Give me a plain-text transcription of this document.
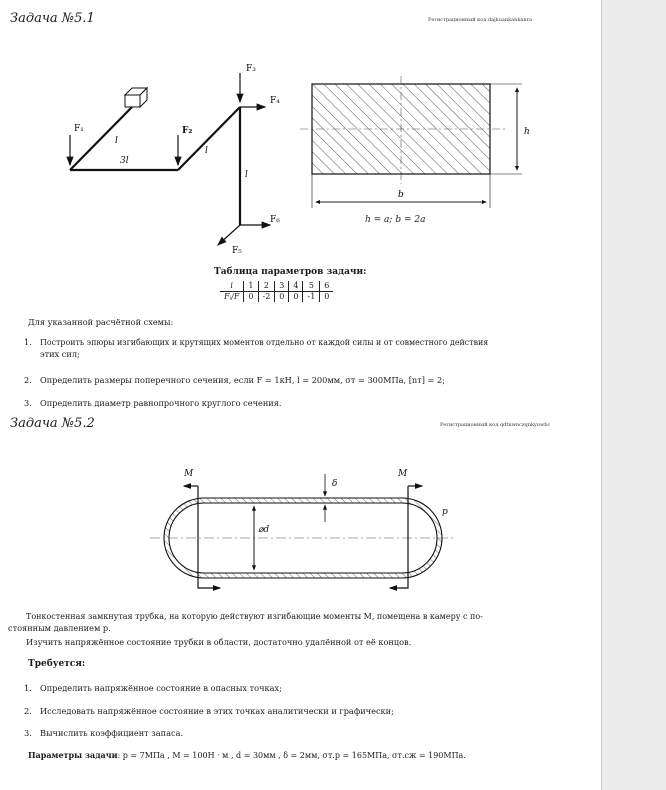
Задача №5.1	Регистрационный код dajkuankankanra
F₁	F₂
F₃
F₄
F₆
F₅
l
3l
l
l
h
b
h = a; b = 2a
Таблица параметров задачи:
i	1	2	3	4	5	6
Fᵢ/F	0	-2	0	0	-1	0
Для указанной расчётной схемы:
1. Построить эпюры изгибающих и крутящих моментов отдельно от каждой силы и от совместного действия
этих сил;
2. Определить размеры поперечного сечения, если F = 1кН, l = 200мм, σт = 300МПа, [nт] = 2;
3. Определить диаметр равнопрочного круглого сечения.
Задача №5.2	Регистрационный код qdtnwnczqnkyuwbc
M	M
δ
p
⌀d
Тонкостенная замкнутая трубка, на которую действуют изгибающие моменты M, помещена в камеру с по-
стоянным давлением p.
Изучить напряжённое состояние трубки в области, достаточно удалённой от её концов.
Требуется:
1. Определить напряжённое состояние в опасных точках;
2. Исследовать напряжённое состояние в этих точках аналитически и графически;
3. Вычислить коэффициент запаса.
Параметры задачи: p = 7МПа , M = 100Н · м , d = 30мм , δ = 2мм, σт.р = 165МПа, σт.сж = 190МПа.
